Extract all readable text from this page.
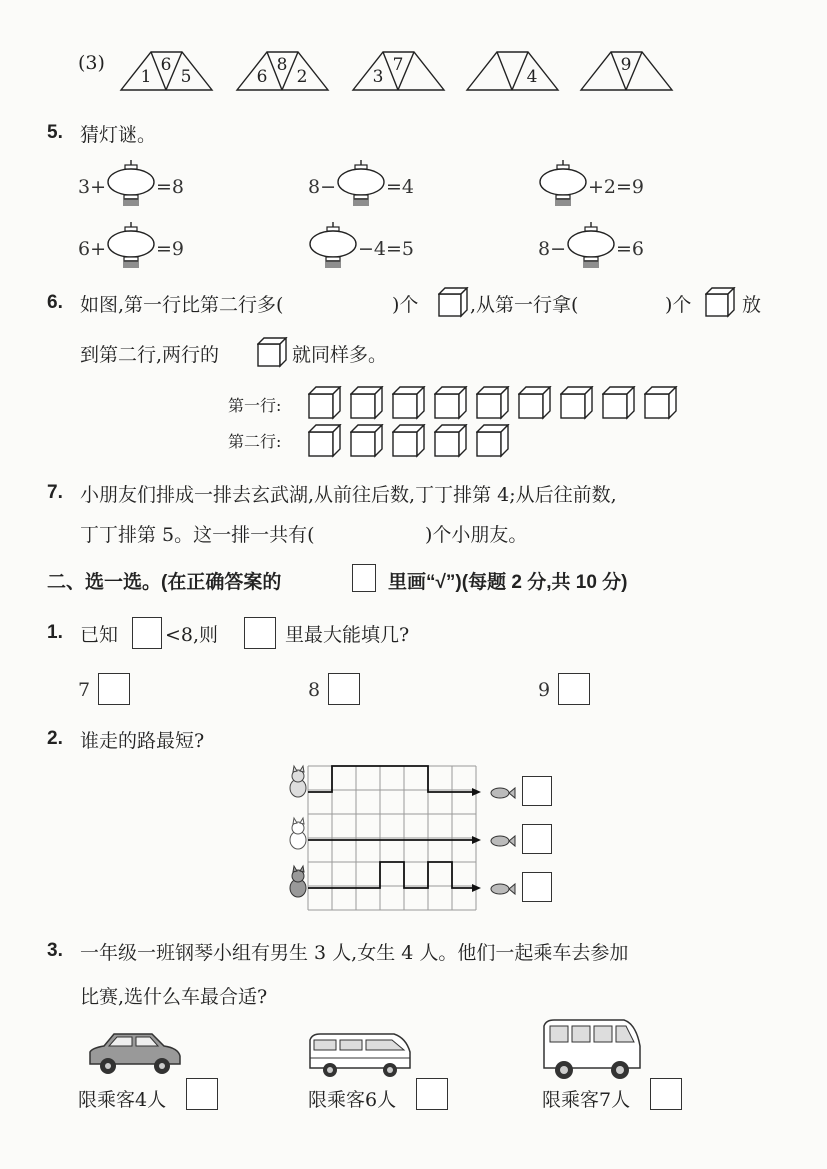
(3)
1
6
5	6
8
2	3
7
4
9
5. 猜灯谜。
3+	=8	8−	=4	+2=9
6+	=9	−4=5	8−	=6
6. 如图,第一行比第二行多(	)个	,从第一行拿(	)个	放
到第二行,两行的	就同样多。
第一行:
第二行:
7. 小朋友们排成一排去玄武湖,从前往后数,丁丁排第 4;从后往前数,
丁丁排第 5。这一排一共有(	)个小朋友。
二、选一选。(在正确答案的	里画“√”)(每题 2 分,共 10 分)
1. 已知 <8,则	里最大能填几?
7	8	9
2. 谁走的路最短?
3. 一年级一班钢琴小组有男生 3 人,女生 4 人。他们一起乘车去参加
比赛,选什么车最合适?
限乘客4人	限乘客6人	限乘客7人
